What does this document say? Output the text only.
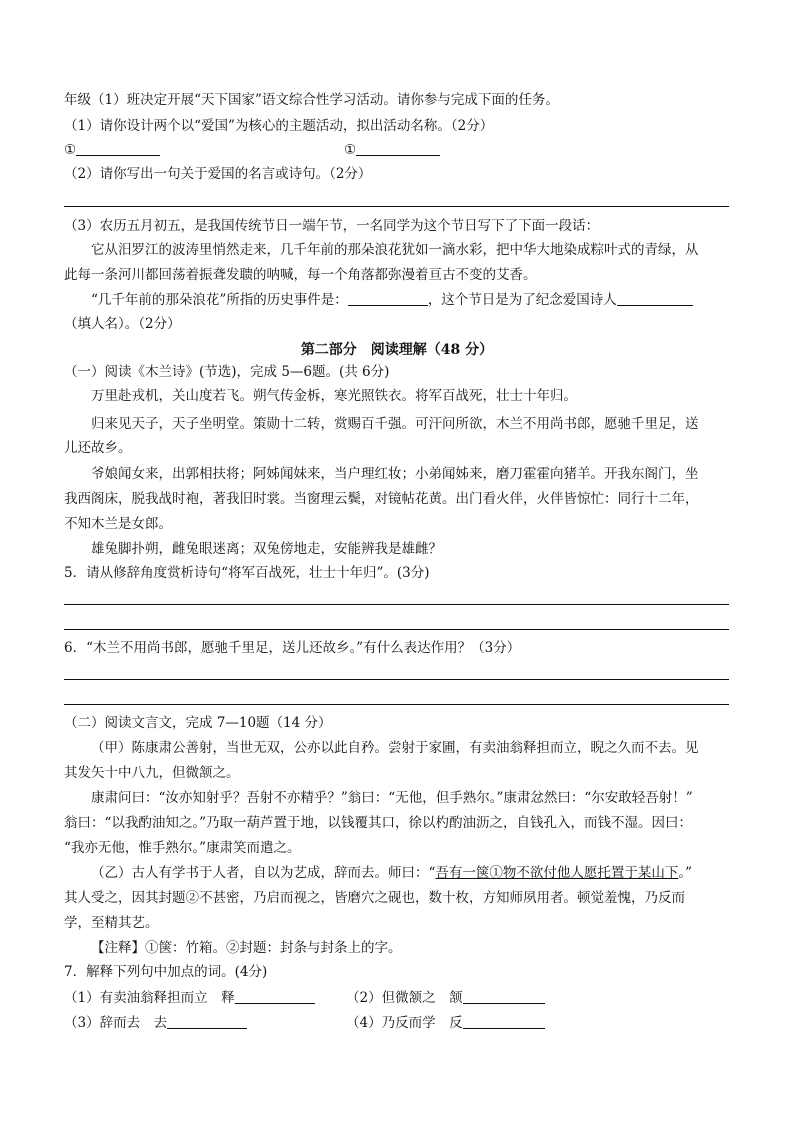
年级（1）班决定开展“天下国家”语文综合性学习活动。请你参与完成下面的任务。
（1）请你设计两个以“爱国”为核心的主题活动，拟出活动名称。（2分）
①	①
（2）请你写出一句关于爱国的名言或诗句。（2分）
（3）农历五月初五，是我国传统节日一端午节，一名同学为这个节日写下了下面一段话：
它从汨罗江的波涛里悄然走来，几千年前的那朵浪花犹如一滴水彩，把中华大地染成粽叶式的青绿，从
此每一条河川都回荡着振聋发聩的呐喊，每一个角落都弥漫着亘古不变的艾香。
“几千年前的那朵浪花”所指的历史事件是：	，这个节日是为了纪念爱国诗人
（填人名）。（2分）
第二部分　阅读理解（48 分）
（一）阅读《木兰诗》(节选)，完成 5—6题。(共 6分)
万里赴戎机，关山度若飞。朔气传金柝，寒光照铁衣。将军百战死，壮士十年归。
归来见天子，天子坐明堂。策勋十二转，赏赐百千强。可汗问所欲，木兰不用尚书郎，愿驰千里足，送
儿还故乡。
爷娘闻女来，出郭相扶将；阿姊闻妹来，当户理红妆；小弟闻姊来，磨刀霍霍向猪羊。开我东阁门，坐
我西阁床，脱我战时袍，著我旧时裳。当窗理云鬓，对镜帖花黄。出门看火伴，火伴皆惊忙：同行十二年，
不知木兰是女郎。
雄兔脚扑朔，雌兔眼迷离；双兔傍地走，安能辨我是雄雌？
5．请从修辞角度赏析诗句“将军百战死，壮士十年归”。(3分)
6．“木兰不用尚书郎，愿驰千里足，送儿还故乡。”有什么表达作用？（3分）
（二）阅读文言文，完成 7—10题（14 分）
（甲）陈康肃公善射，当世无双，公亦以此自矜。尝射于家圃，有卖油翁释担而立，睨之久而不去。见
其发矢十中八九，但微颔之。
康肃问曰：“汝亦知射乎？吾射不亦精乎？”翁曰：“无他，但手熟尔。”康肃忿然曰：“尔安敢轻吾射！”
翁曰：“以我酌油知之。”乃取一葫芦置于地，以钱覆其口，徐以杓酌油沥之，自钱孔入，而钱不湿。因曰：
“我亦无他，惟手熟尔。”康肃笑而遣之。
（乙）古人有学书于人者，自以为艺成，辞而去。师曰：“吾有一箧①物不欲付他人愿托置于某山下。”
其人受之，因其封题②不甚密，乃启而视之，皆磨穴之砚也，数十枚，方知师夙用者。顿觉羞愧，乃反而
学，至精其艺。
【注释】①箧：竹箱。②封题：封条与封条上的字。
7．解释下列句中加点的词。(4分)
（1）有卖油翁释担而立　释	（2）但微颔之　颔
（3）辞而去　去	（4）乃反而学　反
